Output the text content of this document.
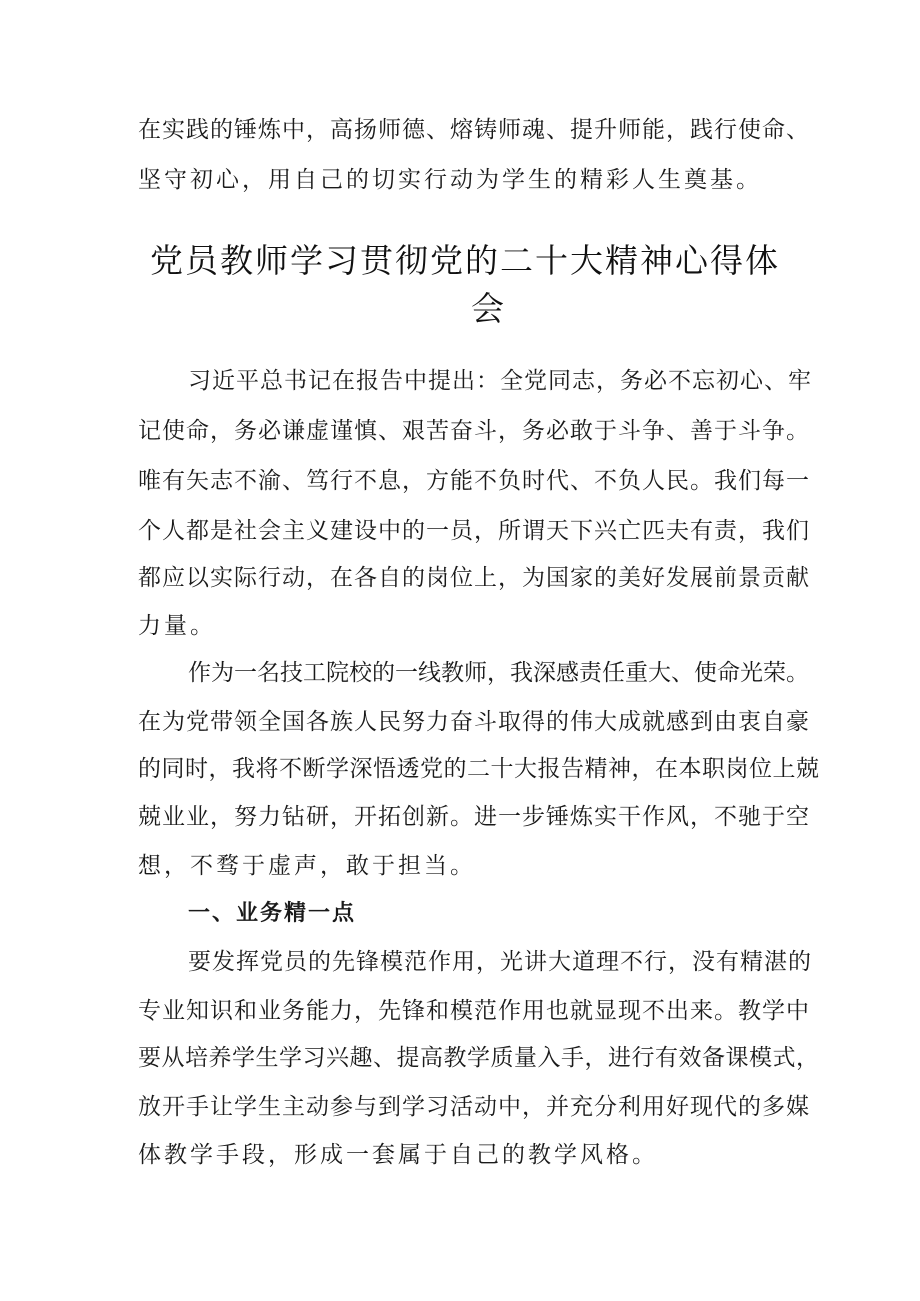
在实践的锤炼中，高扬师德、熔铸师魂、提升师能，践行使命、
坚守初心，用自己的切实行动为学生的精彩人生奠基。
党员教师学习贯彻党的二十大精神心得体
会
习近平总书记在报告中提出：全党同志，务必不忘初心、牢
记使命，务必谦虚谨慎、艰苦奋斗，务必敢于斗争、善于斗争。
唯有矢志不渝、笃行不息，方能不负时代、不负人民。我们每一
个人都是社会主义建设中的一员，所谓天下兴亡匹夫有责，我们
都应以实际行动，在各自的岗位上，为国家的美好发展前景贡献
力量。
作为一名技工院校的一线教师，我深感责任重大、使命光荣。
在为党带领全国各族人民努力奋斗取得的伟大成就感到由衷自豪
的同时，我将不断学深悟透党的二十大报告精神，在本职岗位上兢
兢业业，努力钻研，开拓创新。进一步锤炼实干作风，不驰于空
想，不骛于虚声，敢于担当。
一、业务精一点
要发挥党员的先锋模范作用，光讲大道理不行，没有精湛的
专业知识和业务能力，先锋和模范作用也就显现不出来。教学中
要从培养学生学习兴趣、提高教学质量入手，进行有效备课模式，
放开手让学生主动参与到学习活动中，并充分利用好现代的多媒
体教学手段，形成一套属于自己的教学风格。
